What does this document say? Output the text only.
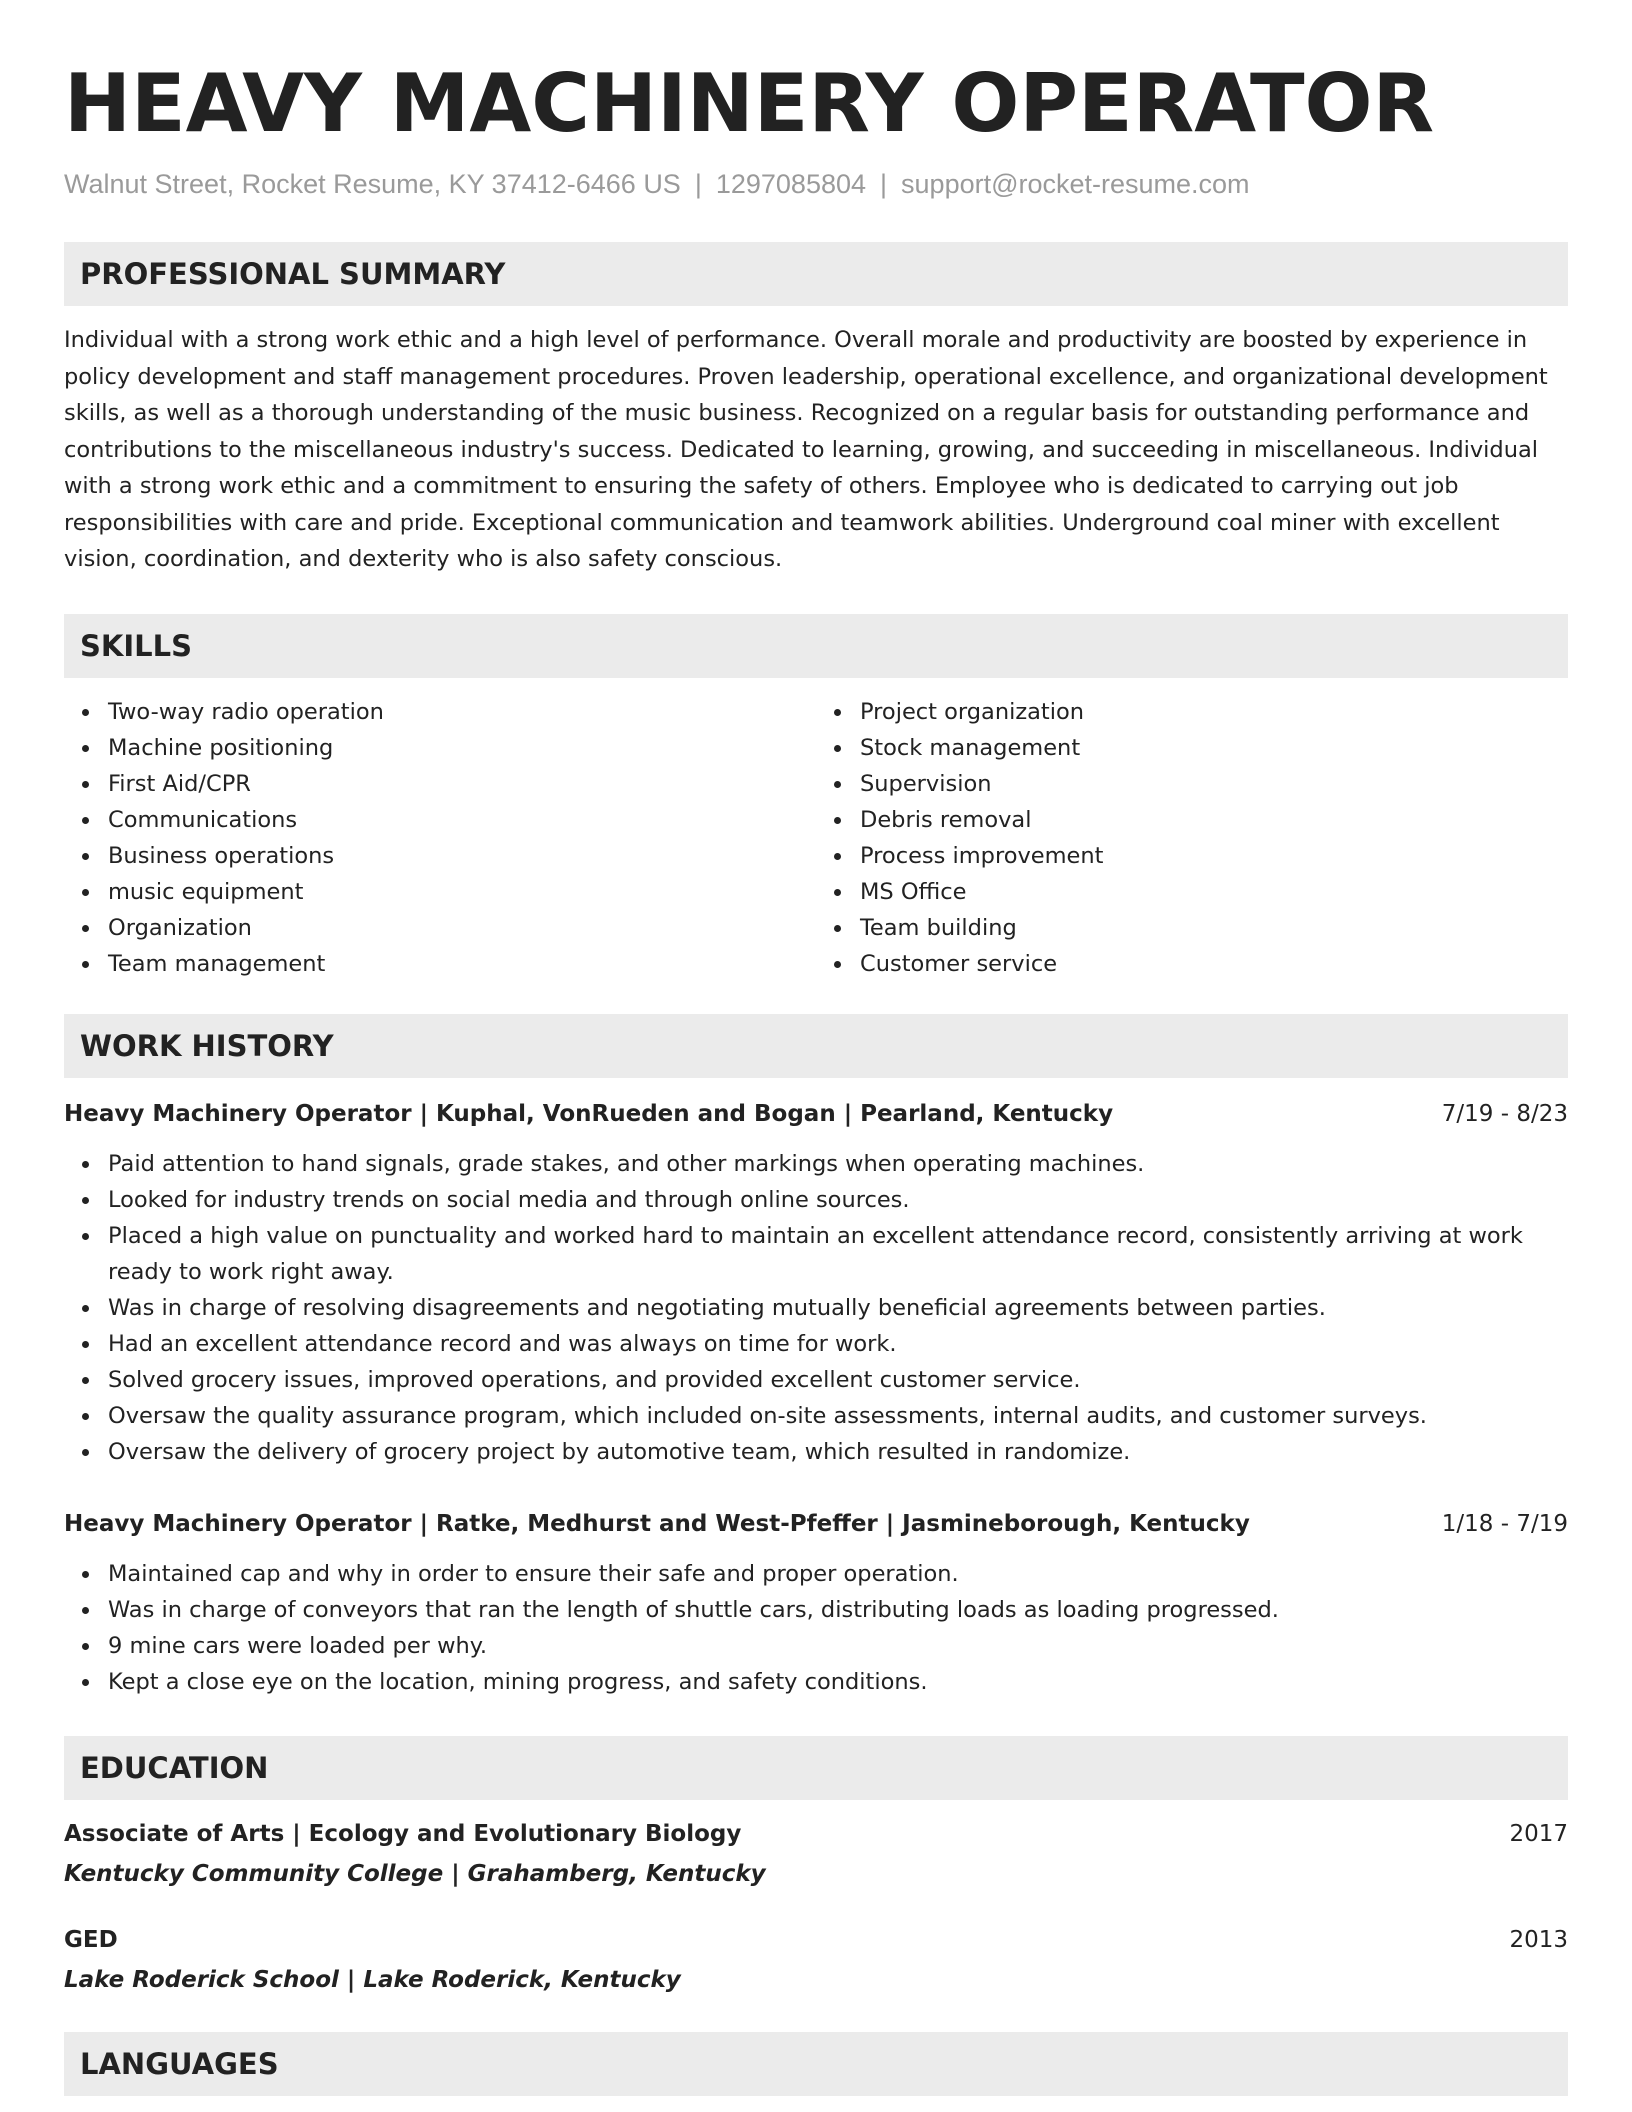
HEAVY MACHINERY OPERATOR
Walnut Street, Rocket Resume, KY 37412-6466 US | 1297085804 | support@rocket-resume.com
PROFESSIONAL SUMMARY
Individual with a strong work ethic and a high level of performance. Overall morale and productivity are boosted by experience in policy development and staff management procedures. Proven leadership, operational excellence, and organizational development skills, as well as a thorough understanding of the music business. Recognized on a regular basis for outstanding performance and contributions to the miscellaneous industry's success. Dedicated to learning, growing, and succeeding in miscellaneous. Individual with a strong work ethic and a commitment to ensuring the safety of others. Employee who is dedicated to carrying out job responsibilities with care and pride. Exceptional communication and teamwork abilities. Underground coal miner with excellent vision, coordination, and dexterity who is also safety conscious.
SKILLS
Two-way radio operation
Machine positioning
First Aid/CPR
Communications
Business operations
music equipment
Organization
Team management
Project organization
Stock management
Supervision
Debris removal
Process improvement
MS Office
Team building
Customer service
WORK HISTORY
Heavy Machinery Operator | Kuphal, VonRueden and Bogan | Pearland, Kentucky	7/19 - 8/23
Paid attention to hand signals, grade stakes, and other markings when operating machines.
Looked for industry trends on social media and through online sources.
Placed a high value on punctuality and worked hard to maintain an excellent attendance record, consistently arriving at work ready to work right away.
Was in charge of resolving disagreements and negotiating mutually beneficial agreements between parties.
Had an excellent attendance record and was always on time for work.
Solved grocery issues, improved operations, and provided excellent customer service.
Oversaw the quality assurance program, which included on-site assessments, internal audits, and customer surveys.
Oversaw the delivery of grocery project by automotive team, which resulted in randomize.
Heavy Machinery Operator | Ratke, Medhurst and West-Pfeffer | Jasmineborough, Kentucky	1/18 - 7/19
Maintained cap and why in order to ensure their safe and proper operation.
Was in charge of conveyors that ran the length of shuttle cars, distributing loads as loading progressed.
9 mine cars were loaded per why.
Kept a close eye on the location, mining progress, and safety conditions.
EDUCATION
Associate of Arts | Ecology and Evolutionary Biology	2017
Kentucky Community College | Grahamberg, Kentucky
GED	2013
Lake Roderick School | Lake Roderick, Kentucky
LANGUAGES
